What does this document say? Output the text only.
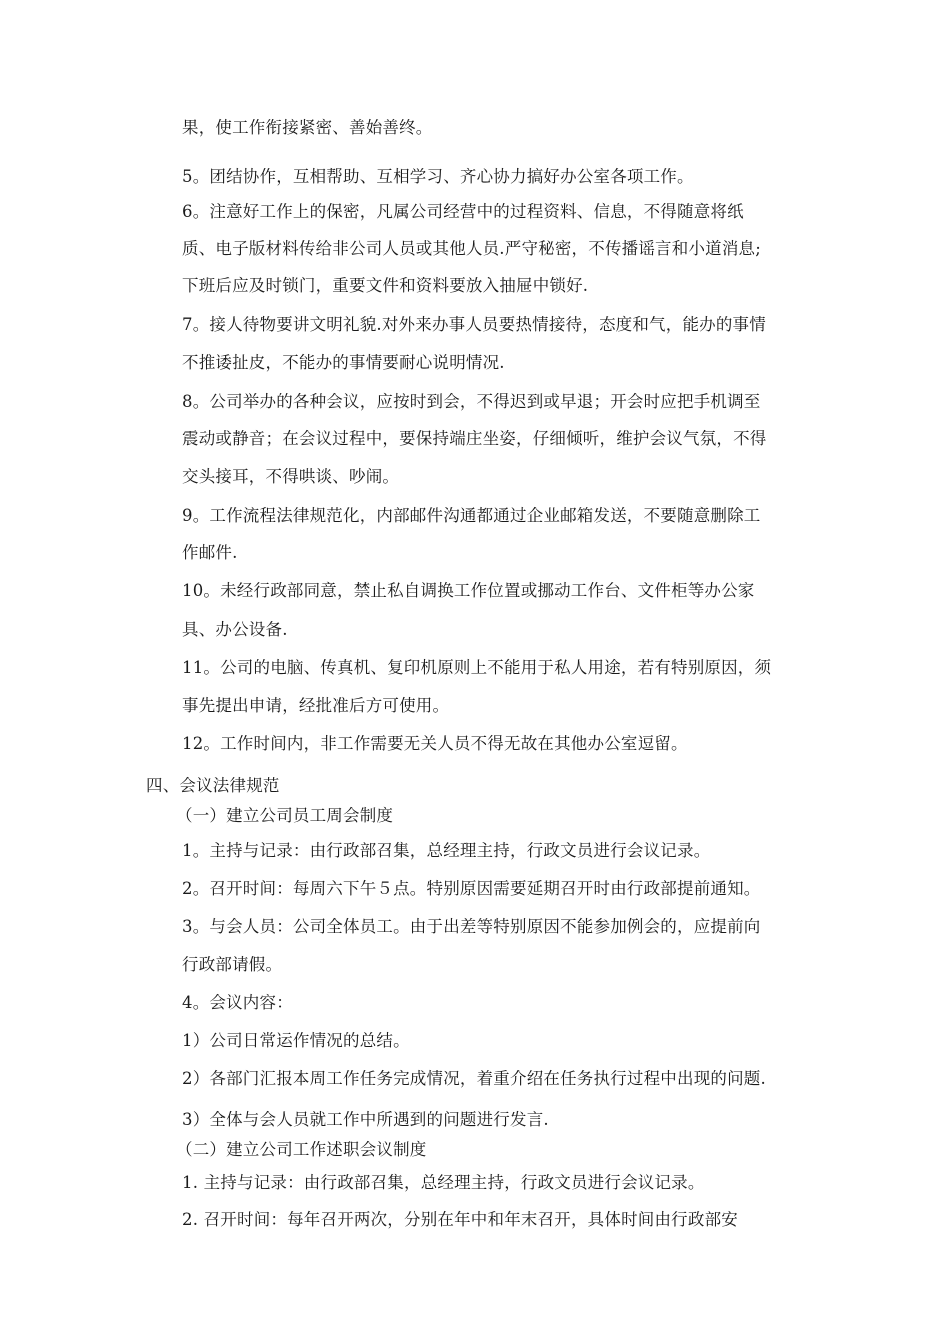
果，使工作衔接紧密、善始善终。
5。团结协作，互相帮助、互相学习、齐心协力搞好办公室各项工作。
6。注意好工作上的保密，凡属公司经营中的过程资料、信息，不得随意将纸
质、电子版材料传给非公司人员或其他人员.严守秘密，不传播谣言和小道消息;
下班后应及时锁门，重要文件和资料要放入抽屉中锁好.
7。接人待物要讲文明礼貌.对外来办事人员要热情接待，态度和气，能办的事情
不推诿扯皮，不能办的事情要耐心说明情况.
8。公司举办的各种会议，应按时到会，不得迟到或早退；开会时应把手机调至
震动或静音；在会议过程中，要保持端庄坐姿，仔细倾听，维护会议气氛，不得
交头接耳，不得哄谈、吵闹。
9。工作流程法律规范化，内部邮件沟通都通过企业邮箱发送，不要随意删除工
作邮件.
10。未经行政部同意，禁止私自调换工作位置或挪动工作台、文件柜等办公家
具、办公设备.
11。公司的电脑、传真机、复印机原则上不能用于私人用途，若有特别原因，须
事先提出申请，经批准后方可使用。
12。工作时间内，非工作需要无关人员不得无故在其他办公室逗留。
四、会议法律规范
（一）建立公司员工周会制度
1。主持与记录：由行政部召集，总经理主持，行政文员进行会议记录。
2。召开时间：每周六下午５点。特别原因需要延期召开时由行政部提前通知。
3。与会人员：公司全体员工。由于出差等特别原因不能参加例会的，应提前向
行政部请假。
4。会议内容：
1）公司日常运作情况的总结。
2）各部门汇报本周工作任务完成情况，着重介绍在任务执行过程中出现的问题.
3）全体与会人员就工作中所遇到的问题进行发言.
（二）建立公司工作述职会议制度
1. 主持与记录：由行政部召集，总经理主持，行政文员进行会议记录。
2. 召开时间：每年召开两次，分别在年中和年末召开，具体时间由行政部安
